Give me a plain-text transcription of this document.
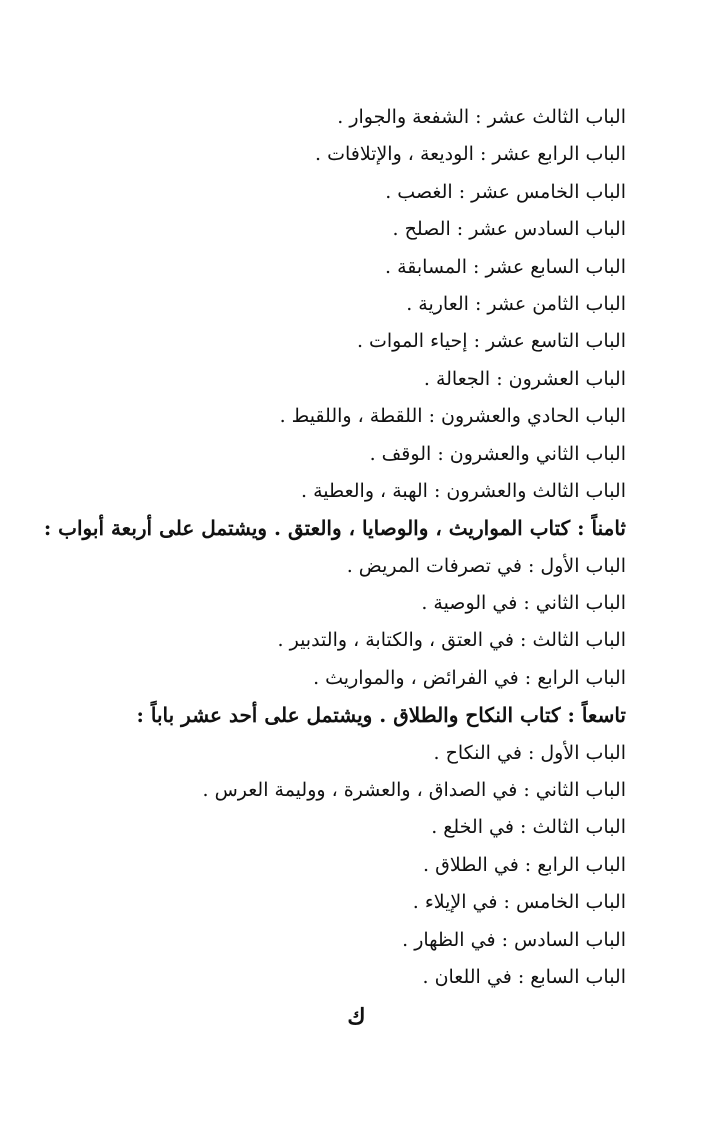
الباب الثالث عشر : الشفعة والجوار .
الباب الرابع عشر : الوديعة ، والإتلافات .
الباب الخامس عشر : الغصب .
الباب السادس عشر : الصلح .
الباب السابع عشر : المسابقة .
الباب الثامن عشر : العارية .
الباب التاسع عشر : إحياء الموات .
الباب العشرون : الجعالة .
الباب الحادي والعشرون : اللقطة ، واللقيط .
الباب الثاني والعشرون : الوقف .
الباب الثالث والعشرون : الهبة ، والعطية .
ثامناً : كتاب المواريث ، والوصايا ، والعتق . ويشتمل على أربعة أبواب :
الباب الأول : في تصرفات المريض .
الباب الثاني : في الوصية .
الباب الثالث : في العتق ، والكتابة ، والتدبير .
الباب الرابع : في الفرائض ، والمواريث .
تاسعاً : كتاب النكاح والطلاق . ويشتمل على أحد عشر باباً :
الباب الأول : في النكاح .
الباب الثاني : في الصداق ، والعشرة ، ووليمة العرس .
الباب الثالث : في الخلع .
الباب الرابع : في الطلاق .
الباب الخامس : في الإيلاء .
الباب السادس : في الظهار .
الباب السابع : في اللعان .
ك
